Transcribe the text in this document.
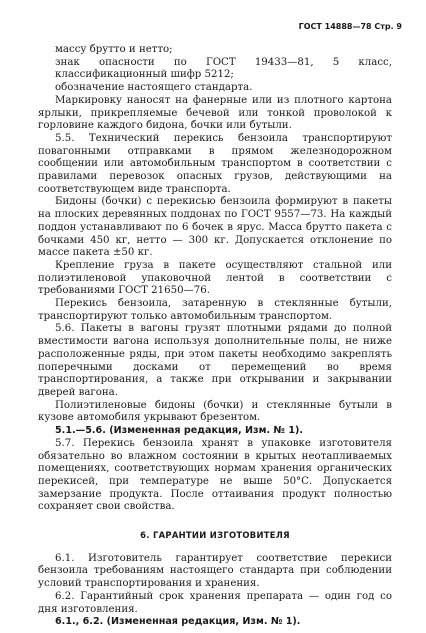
ГОСТ 14888—78 Стр. 9

массу брутто и нетто;

знак опасности по ГОСТ 19433—81, 5 класс, классификационный шифр 5212;

обозначение настоящего стандарта.

Маркировку наносят на фанерные или из плотного картона ярлыки, прикрепляемые бечевой или тонкой проволокой к горловине каждого бидона, бочки или бутыли.

5.5. Технический перекись бензоила транспортируют повагонными отправками в прямом железнодорожном сообщении или автомобильным транспортом в соответствии с правилами перевозок опасных грузов, действующими на соответствующем виде транспорта.

Бидоны (бочки) с перекисью бензоила формируют в пакеты на плоских деревянных поддонах по ГОСТ 9557—73. На каждый поддон устанавливают по 6 бочек в ярус. Масса брутто пакета с бочками 450 кг, нетто — 300 кг. Допускается отклонение по массе пакета ±50 кг.

Крепление груза в пакете осуществляют стальной или полиэтиленовой упаковочной лентой в соответствии с требованиями ГОСТ 21650—76.

Перекись бензоила, затаренную в стеклянные бутыли, транспортируют только автомобильным транспортом.

5.6. Пакеты в вагоны грузят плотными рядами до полной вместимости вагона используя дополнительные полы, не ниже расположенные ряды, при этом пакеты необходимо закреплять поперечными досками от перемещений во время транспортирования, а также при открывании и закрывании дверей вагона.

Полиэтиленовые бидоны (бочки) и стеклянные бутыли в кузове автомобиля укрывают брезентом.

5.1.—5.6. (Измененная редакция, Изм. № 1).

5.7. Перекись бензоила хранят в упаковке изготовителя обязательно во влажном состоянии в крытых неотапливаемых помещениях, соответствующих нормам хранения органических перекисей, при температуре не выше 50°С. Допускается замерзание продукта. После оттаивания продукт полностью сохраняет свои свойства.

6. ГАРАНТИИ ИЗГОТОВИТЕЛЯ

6.1. Изготовитель гарантирует соответствие перекиси бензоила требованиям настоящего стандарта при соблюдении условий транспортирования и хранения.

6.2. Гарантийный срок хранения препарата — один год со дня изготовления.

6.1., 6.2. (Измененная редакция, Изм. № 1).
